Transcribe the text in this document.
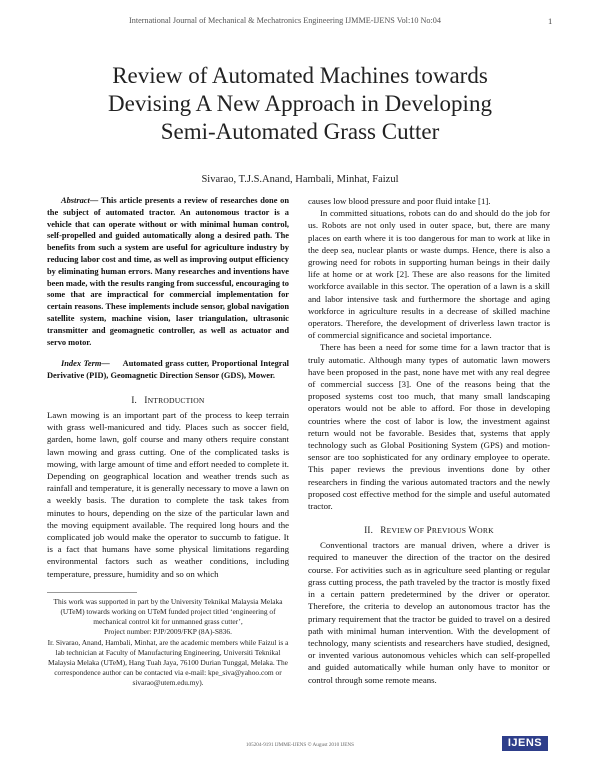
International Journal of Mechanical & Mechatronics Engineering IJMME-IJENS Vol:10 No:04	1
Review of Automated Machines towards
Devising A New Approach in Developing
Semi-Automated Grass Cutter
Sivarao, T.J.S.Anand, Hambali, Minhat, Faizul

Abstract— This article presents a review of researches done on the subject of automated tractor. An autonomous tractor is a vehicle that can operate without or with minimal human control, self-propelled and guided automatically along a desired path. The benefits from such a system are useful for agriculture industry by reducing labor cost and time, as well as improving output efficiency by eliminating human errors. Many researches and inventions have been made, with the results ranging from successful, encouraging to some that are impractical for commercial implementation for certain reasons. These implements include sensor, global navigation satellite system, machine vision, laser triangulation, ultrasonic transmitter and geomagnetic controller, as well as actuator and servo motor.

Index Term— Automated grass cutter, Proportional Integral Derivative (PID), Geomagnetic Direction Sensor (GDS), Mower.

I. INTRODUCTION

Lawn mowing is an important part of the process to keep terrain with grass well-manicured and tidy. Places such as soccer field, garden, home lawn, golf course and many others require constant lawn mowing and grass cutting. One of the complicated tasks is mowing, with large amount of time and effort needed to complete it. Depending on geographical location and weather trends such as rainfall and temperature, it is generally necessary to move a lawn on a weekly basis. The duration to complete the task takes from minutes to hours, depending on the size of the particular lawn and the moving equipment available. The required long hours and the complicated job would make the operator to succumb to fatigue. It is a fact that humans have some physical limitations regarding environmental factors such as weather conditions, including temperature, pressure, humidity and so on which

This work was supported in part by the University Teknikal Malaysia Melaka (UTeM) towards working on UTeM funded project titled ‘engineering of mechanical control kit for unmanned grass cutter’,
Project number: PJP/2009/FKP (8A)-S836.
Ir. Sivarao, Anand, Hambali, Minhat, are the academic members while Faizul is a lab technician at Faculty of Manufacturing Engineering, Universiti Teknikal Malaysia Melaka (UTeM), Hang Tuah Jaya, 76100 Durian Tunggal, Melaka. The correspondence author can be contacted via e-mail: kpe_siva@yahoo.com or sivarao@utem.edu.my).

causes low blood pressure and poor fluid intake [1].

In committed situations, robots can do and should do the job for us. Robots are not only used in outer space, but, there are many places on earth where it is too dangerous for man to work at like in the deep sea, nuclear plants or waste dumps. Hence, there is also a growing need for robots in supporting human beings in their daily life at home or at work [2]. These are also reasons for the limited workforce available in this sector. The operation of a lawn is a skill and labor intensive task and furthermore the shortage and aging workforce in agriculture results in a decrease of skilled machine operators. Therefore, the development of driverless lawn tractor is of commercial significance and societal importance.

There has been a need for some time for a lawn tractor that is truly automatic. Although many types of automatic lawn mowers have been proposed in the past, none have met with any real degree of commercial success [3]. One of the reasons being that the proposed systems cost too much, that many small landscaping operators would not be able to afford. For those in developing countries where the cost of labor is low, the investment against return would not be favorable. Besides that, systems that apply technology such as Global Positioning System (GPS) and motion-sensor are too sophisticated for any ordinary employee to operate. This paper reviews the previous inventions done by other researchers in finding the various automated tractors and the newly proposed cost effective method for the simple and useful automated tractor.

II. REVIEW OF PREVIOUS WORK

Conventional tractors are manual driven, where a driver is required to maneuver the direction of the tractor on the desired course. For activities such as in agriculture seed planting or regular grass cutting process, the path traveled by the tractor is mostly fixed in a certain pattern predetermined by the driver or operator. Therefore, the criteria to develop an autonomous tractor has the primary requirement that the tractor be guided to travel on a desired path with minimal human intervention. With the development of technology, many scientists and researchers have studied, designed, or invented various autonomous vehicles which can self-propelled and guided automatically while human only have to monitor or control through some remote means.

105204-9191 IJMME-IJENS © August 2010 IJENS	IJENS
